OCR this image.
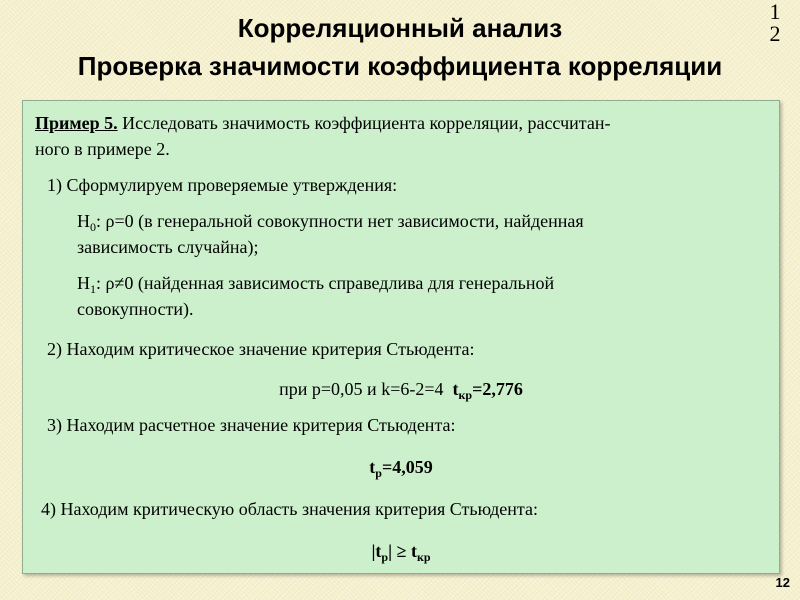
Корреляционный анализ
Проверка значимости коэффициента корреляции
1
2
Пример 5. Исследовать значимость коэффициента корреляции, рассчитан-
ного в примере 2.
1) Сформулируем проверяемые утверждения:
$H_0$: ρ=0 (в генеральной совокупности нет зависимости, найденная
зависимость случайна);
$H_1$: ρ≠0 (найденная зависимость справедлива для генеральной
совокупности).
2) Находим критическое значение критерия Стьюдента:
при p=0,05 и k=6-2=4 $t_{кр}=2,776$
3) Находим расчетное значение критерия Стьюдента:
$t_р=4,059$
4) Находим критическую область значения критерия Стьюдента:
$|t_р| \ge t_{кр}$
12
